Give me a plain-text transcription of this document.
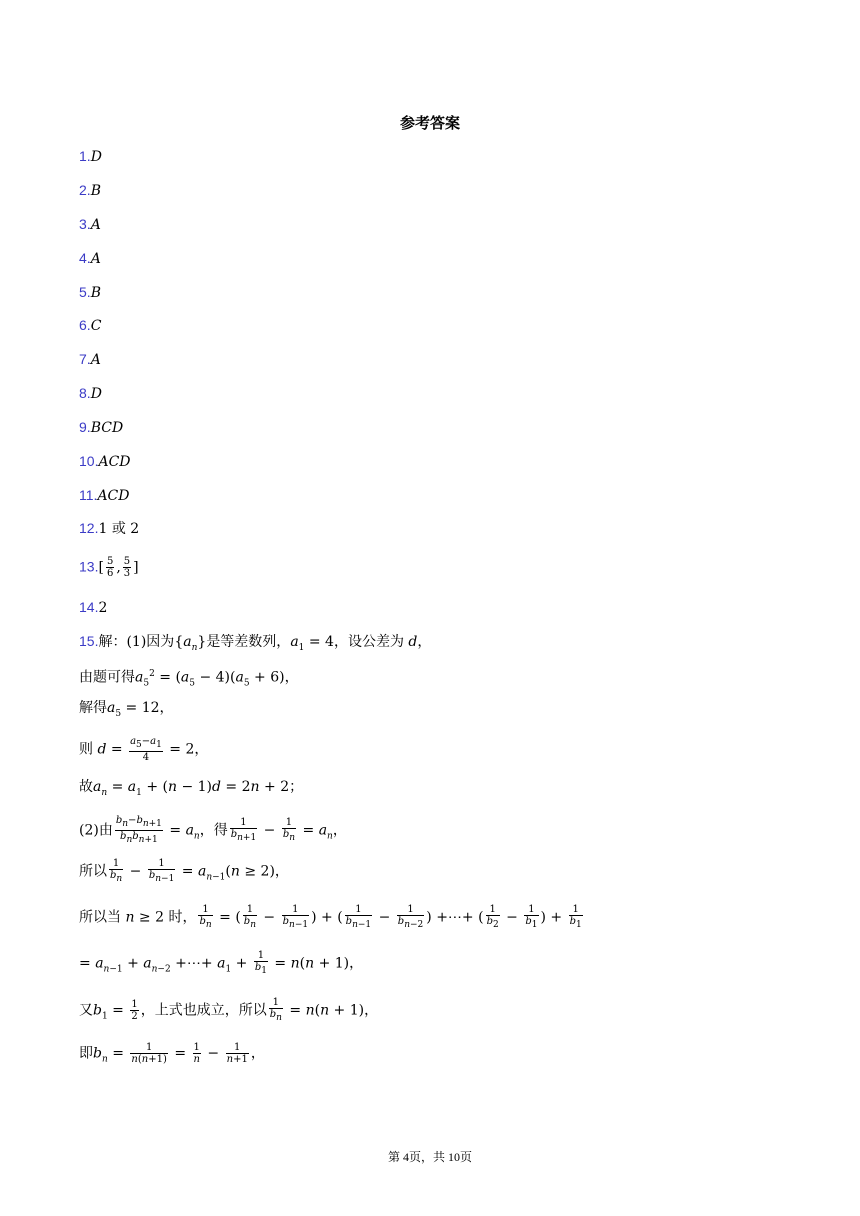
参考答案
1.D
2.B
3.A
4.A
5.B
6.C
7.A
8.D
9.BCD
10.ACD
11.ACD
12.1 或 2
$13.[ \frac{5}{6}$ , $\frac{5}{3}$ ]
14.2
15.解：(1)因为$\{a_n\}$是等差数列，$a_1 = 4$，设公差为 d，
由题可得$a_5^2 = (a_5 - 4)(a_5 + 6)$，
解得$a_5 = 12$，
则 $d = \frac{a_5-a_1}{4} = 2$，
故$a_n = a_1 + (n - 1)d = 2n + 2$；
(2)由 $\frac{b_n-b_{n+1}}{b_nb_{n+1}} = a_n$，得 $\frac{1}{b_{n+1}} - \frac{1}{b_n} = a_n$，
所以 $\frac{1}{b_n} - \frac{1}{b_{n-1}} = a_{n-1}(n \ge 2)$，
所以当 n ≥ 2 时， $\frac{1}{b_n}$ = ( $\frac{1}{b_n} - \frac{1}{b_{n-1}}$ ) + ( $\frac{1}{b_{n-1}} - \frac{1}{b_{n-2}}$ ) +⋯+ ( $\frac{1}{b_2} - \frac{1}{b_1}$ ) + $\frac{1}{b_1}$
= $a_{n-1} + a_{n-2}$ +⋯+ $a_1 + \frac{1}{b_1} = n(n + 1)$，
又$b_1 = \frac{1}{2}$ ，上式也成立，所以 $\frac{1}{b_n} = n(n + 1)$，
即$b_n = \frac{1}{n(n+1)} = \frac{1}{n} - \frac{1}{n+1}$ ，
第 4页，共 10页
